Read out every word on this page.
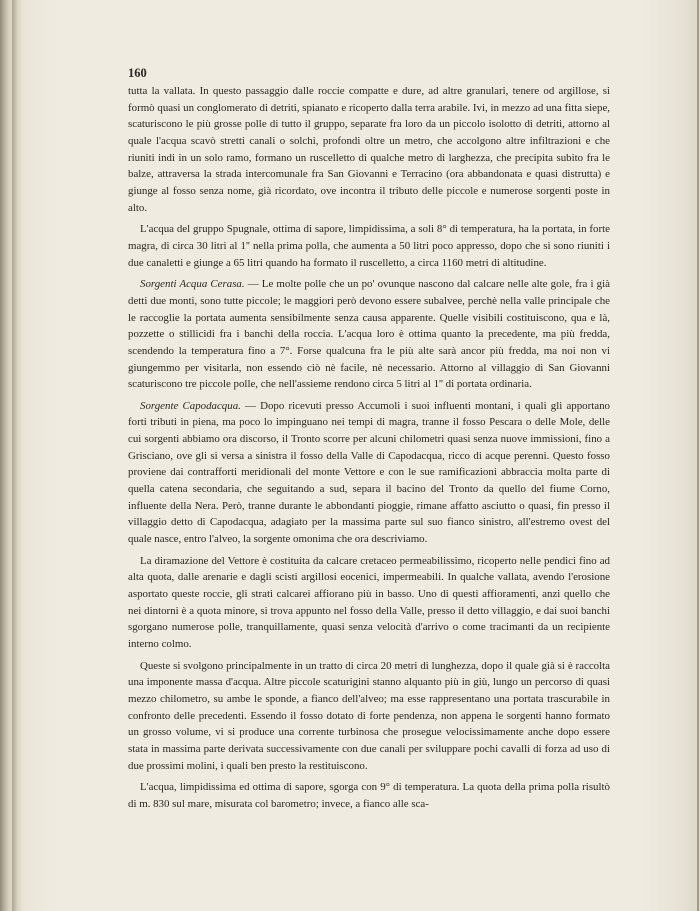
160

tutta la vallata. In questo passaggio dalle roccie compatte e dure, ad altre granulari, tenere od argillose, si formò quasi un conglomerato di detriti, spianato e ricoperto dalla terra arabile. Ivi, in mezzo ad una fitta siepe, scaturiscono le più grosse polle di tutto il gruppo, separate fra loro da un piccolo isolotto di detriti, attorno al quale l'acqua scavò stretti canali o solchi, profondi oltre un metro, che accolgono altre infiltrazioni e che riuniti indi in un solo ramo, formano un ruscelletto di qualche metro di larghezza, che precipita subito fra le balze, attraversa la strada intercomunale fra San Giovanni e Terracino (ora abbandonata e quasi distrutta) e giunge al fosso senza nome, già ricordato, ove incontra il tributo delle piccole e numerose sorgenti poste in alto.

L'acqua del gruppo Spugnale, ottima di sapore, limpidissima, a soli 8° di temperatura, ha la portata, in forte magra, di circa 30 litri al 1'' nella prima polla, che aumenta a 50 litri poco appresso, dopo che si sono riuniti i due canaletti e giunge a 65 litri quando ha formato il ruscelletto, a circa 1160 metri di altitudine.

Sorgenti Acqua Cerasa. — Le molte polle che un po' ovunque nascono dal calcare nelle alte gole, fra i già detti due monti, sono tutte piccole; le maggiori però devono essere subalvee, perchè nella valle principale che le raccoglie la portata aumenta sensibilmente senza causa apparente. Quelle visibili costituiscono, qua e là, pozzette o stillicidi fra i banchi della roccia. L'acqua loro è ottima quanto la precedente, ma più fredda, scendendo la temperatura fino a 7°. Forse qualcuna fra le più alte sarà ancor più fredda, ma noi non vi giungemmo per visitarla, non essendo ciò nè facile, nè necessario. Attorno al villaggio di San Giovanni scaturiscono tre piccole polle, che nell'assieme rendono circa 5 litri al 1'' di portata ordinaria.

Sorgente Capodacqua. — Dopo ricevuti presso Accumoli i suoi influenti montani, i quali gli apportano forti tributi in piena, ma poco lo impinguano nei tempi di magra, tranne il fosso Pescara o delle Mole, delle cui sorgenti abbiamo ora discorso, il Tronto scorre per alcuni chilometri quasi senza nuove immissioni, fino a Grisciano, ove gli si versa a sinistra il fosso della Valle di Capodacqua, ricco di acque perenni. Questo fosso proviene dai contrafforti meridionali del monte Vettore e con le sue ramificazioni abbraccia molta parte di quella catena secondaria, che seguitando a sud, separa il bacino del Tronto da quello del fiume Corno, influente della Nera. Però, tranne durante le abbondanti pioggie, rimane affatto asciutto o quasi, fin presso il villaggio detto di Capodacqua, adagiato per la massima parte sul suo fianco sinistro, all'estremo ovest del quale nasce, entro l'alveo, la sorgente omonima che ora descriviamo.

La diramazione del Vettore è costituita da calcare cretaceo permeabilissimo, ricoperto nelle pendici fino ad alta quota, dalle arenarie e dagli scisti argillosi eocenici, impermeabili. In qualche vallata, avendo l'erosione asportato queste roccie, gli strati calcarei affiorano più in basso. Uno di questi affioramenti, anzi quello che nei dintorni è a quota minore, si trova appunto nel fosso della Valle, presso il detto villaggio, e dai suoi banchi sgorgano numerose polle, tranquillamente, quasi senza velocità d'arrivo o come tracimanti da un recipiente interno colmo.

Queste si svolgono principalmente in un tratto di circa 20 metri di lunghezza, dopo il quale già si è raccolta una imponente massa d'acqua. Altre piccole scaturigini stanno alquanto più in giù, lungo un percorso di quasi mezzo chilometro, su ambe le sponde, a fianco dell'alveo; ma esse rappresentano una portata trascurabile in confronto delle precedenti. Essendo il fosso dotato di forte pendenza, non appena le sorgenti hanno formato un grosso volume, vi si produce una corrente turbinosa che prosegue velocissimamente anche dopo essere stata in massima parte derivata successivamente con due canali per sviluppare pochi cavalli di forza ad uso di due prossimi molini, i quali ben presto la restituiscono.

L'acqua, limpidissima ed ottima di sapore, sgorga con 9° di temperatura. La quota della prima polla risultò di m. 830 sul mare, misurata col barometro; invece, a fianco alle sca-
